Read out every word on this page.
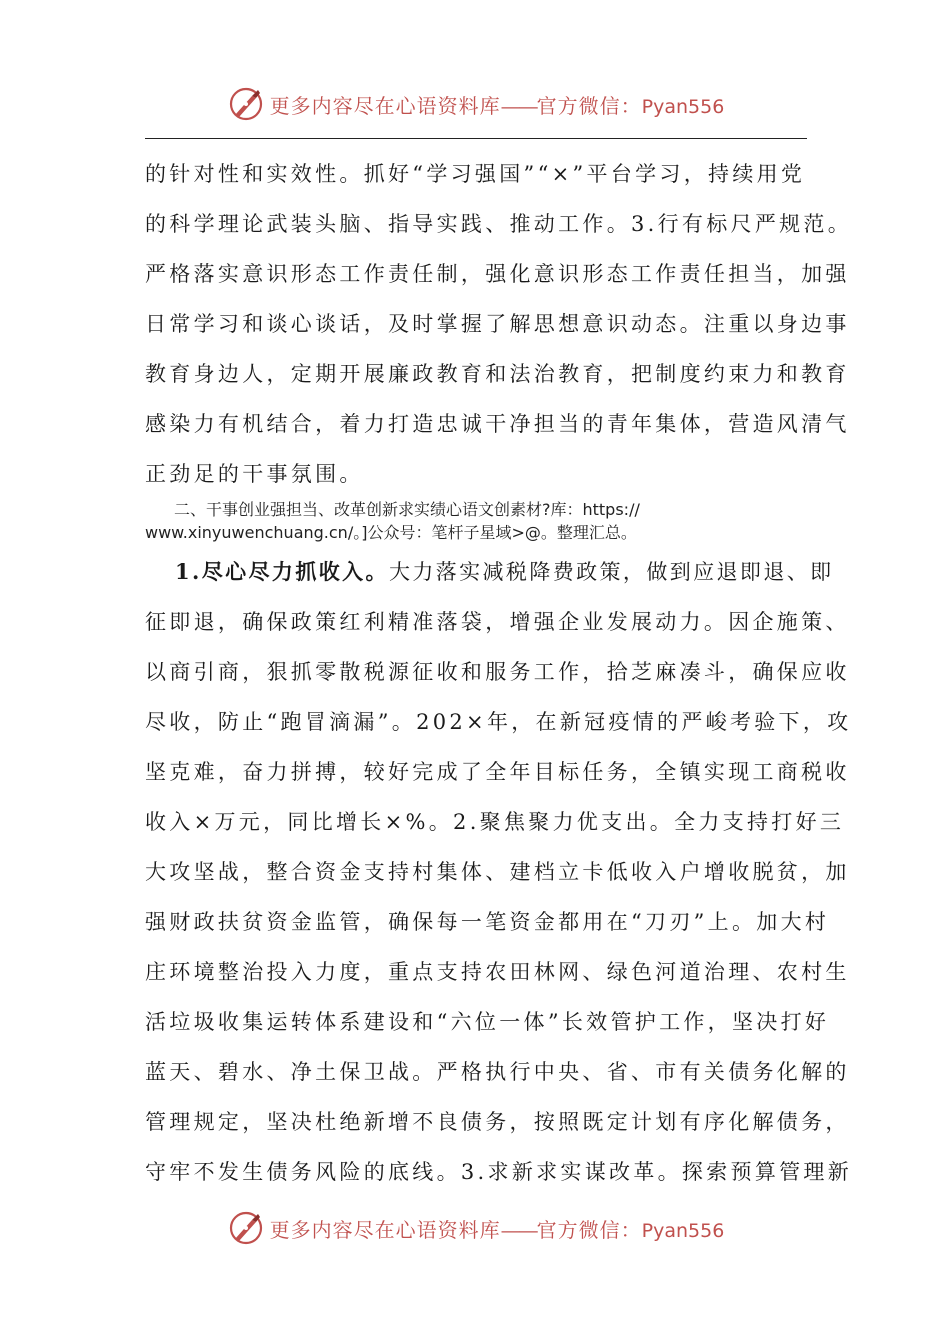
更多内容尽在心语资料库——官方微信：Pyan556
的针对性和实效性。抓好“学习强国”“×”平台学习，持续用党
的科学理论武装头脑、指导实践、推动工作。3.行有标尺严规范。
严格落实意识形态工作责任制，强化意识形态工作责任担当，加强
日常学习和谈心谈话，及时掌握了解思想意识动态。注重以身边事
教育身边人，定期开展廉政教育和法治教育，把制度约束力和教育
感染力有机结合，着力打造忠诚干净担当的青年集体，营造风清气
正劲足的干事氛围。
二、干事创业强担当、改革创新求实绩心语文创素材?库：https://
www.xinyuwenchuang.cn/。]公众号：笔杆子星域>@。整理汇总。
1.尽心尽力抓收入。大力落实减税降费政策，做到应退即退、即
征即退，确保政策红利精准落袋，增强企业发展动力。因企施策、
以商引商，狠抓零散税源征收和服务工作，拾芝麻凑斗，确保应收
尽收，防止“跑冒滴漏”。202×年，在新冠疫情的严峻考验下，攻
坚克难，奋力拼搏，较好完成了全年目标任务，全镇实现工商税收
收入×万元，同比增长×%。2.聚焦聚力优支出。全力支持打好三
大攻坚战，整合资金支持村集体、建档立卡低收入户增收脱贫，加
强财政扶贫资金监管，确保每一笔资金都用在“刀刃”上。加大村
庄环境整治投入力度，重点支持农田林网、绿色河道治理、农村生
活垃圾收集运转体系建设和“六位一体”长效管护工作，坚决打好
蓝天、碧水、净土保卫战。严格执行中央、省、市有关债务化解的
管理规定，坚决杜绝新增不良债务，按照既定计划有序化解债务，
守牢不发生债务风险的底线。3.求新求实谋改革。探索预算管理新
更多内容尽在心语资料库——官方微信：Pyan556
